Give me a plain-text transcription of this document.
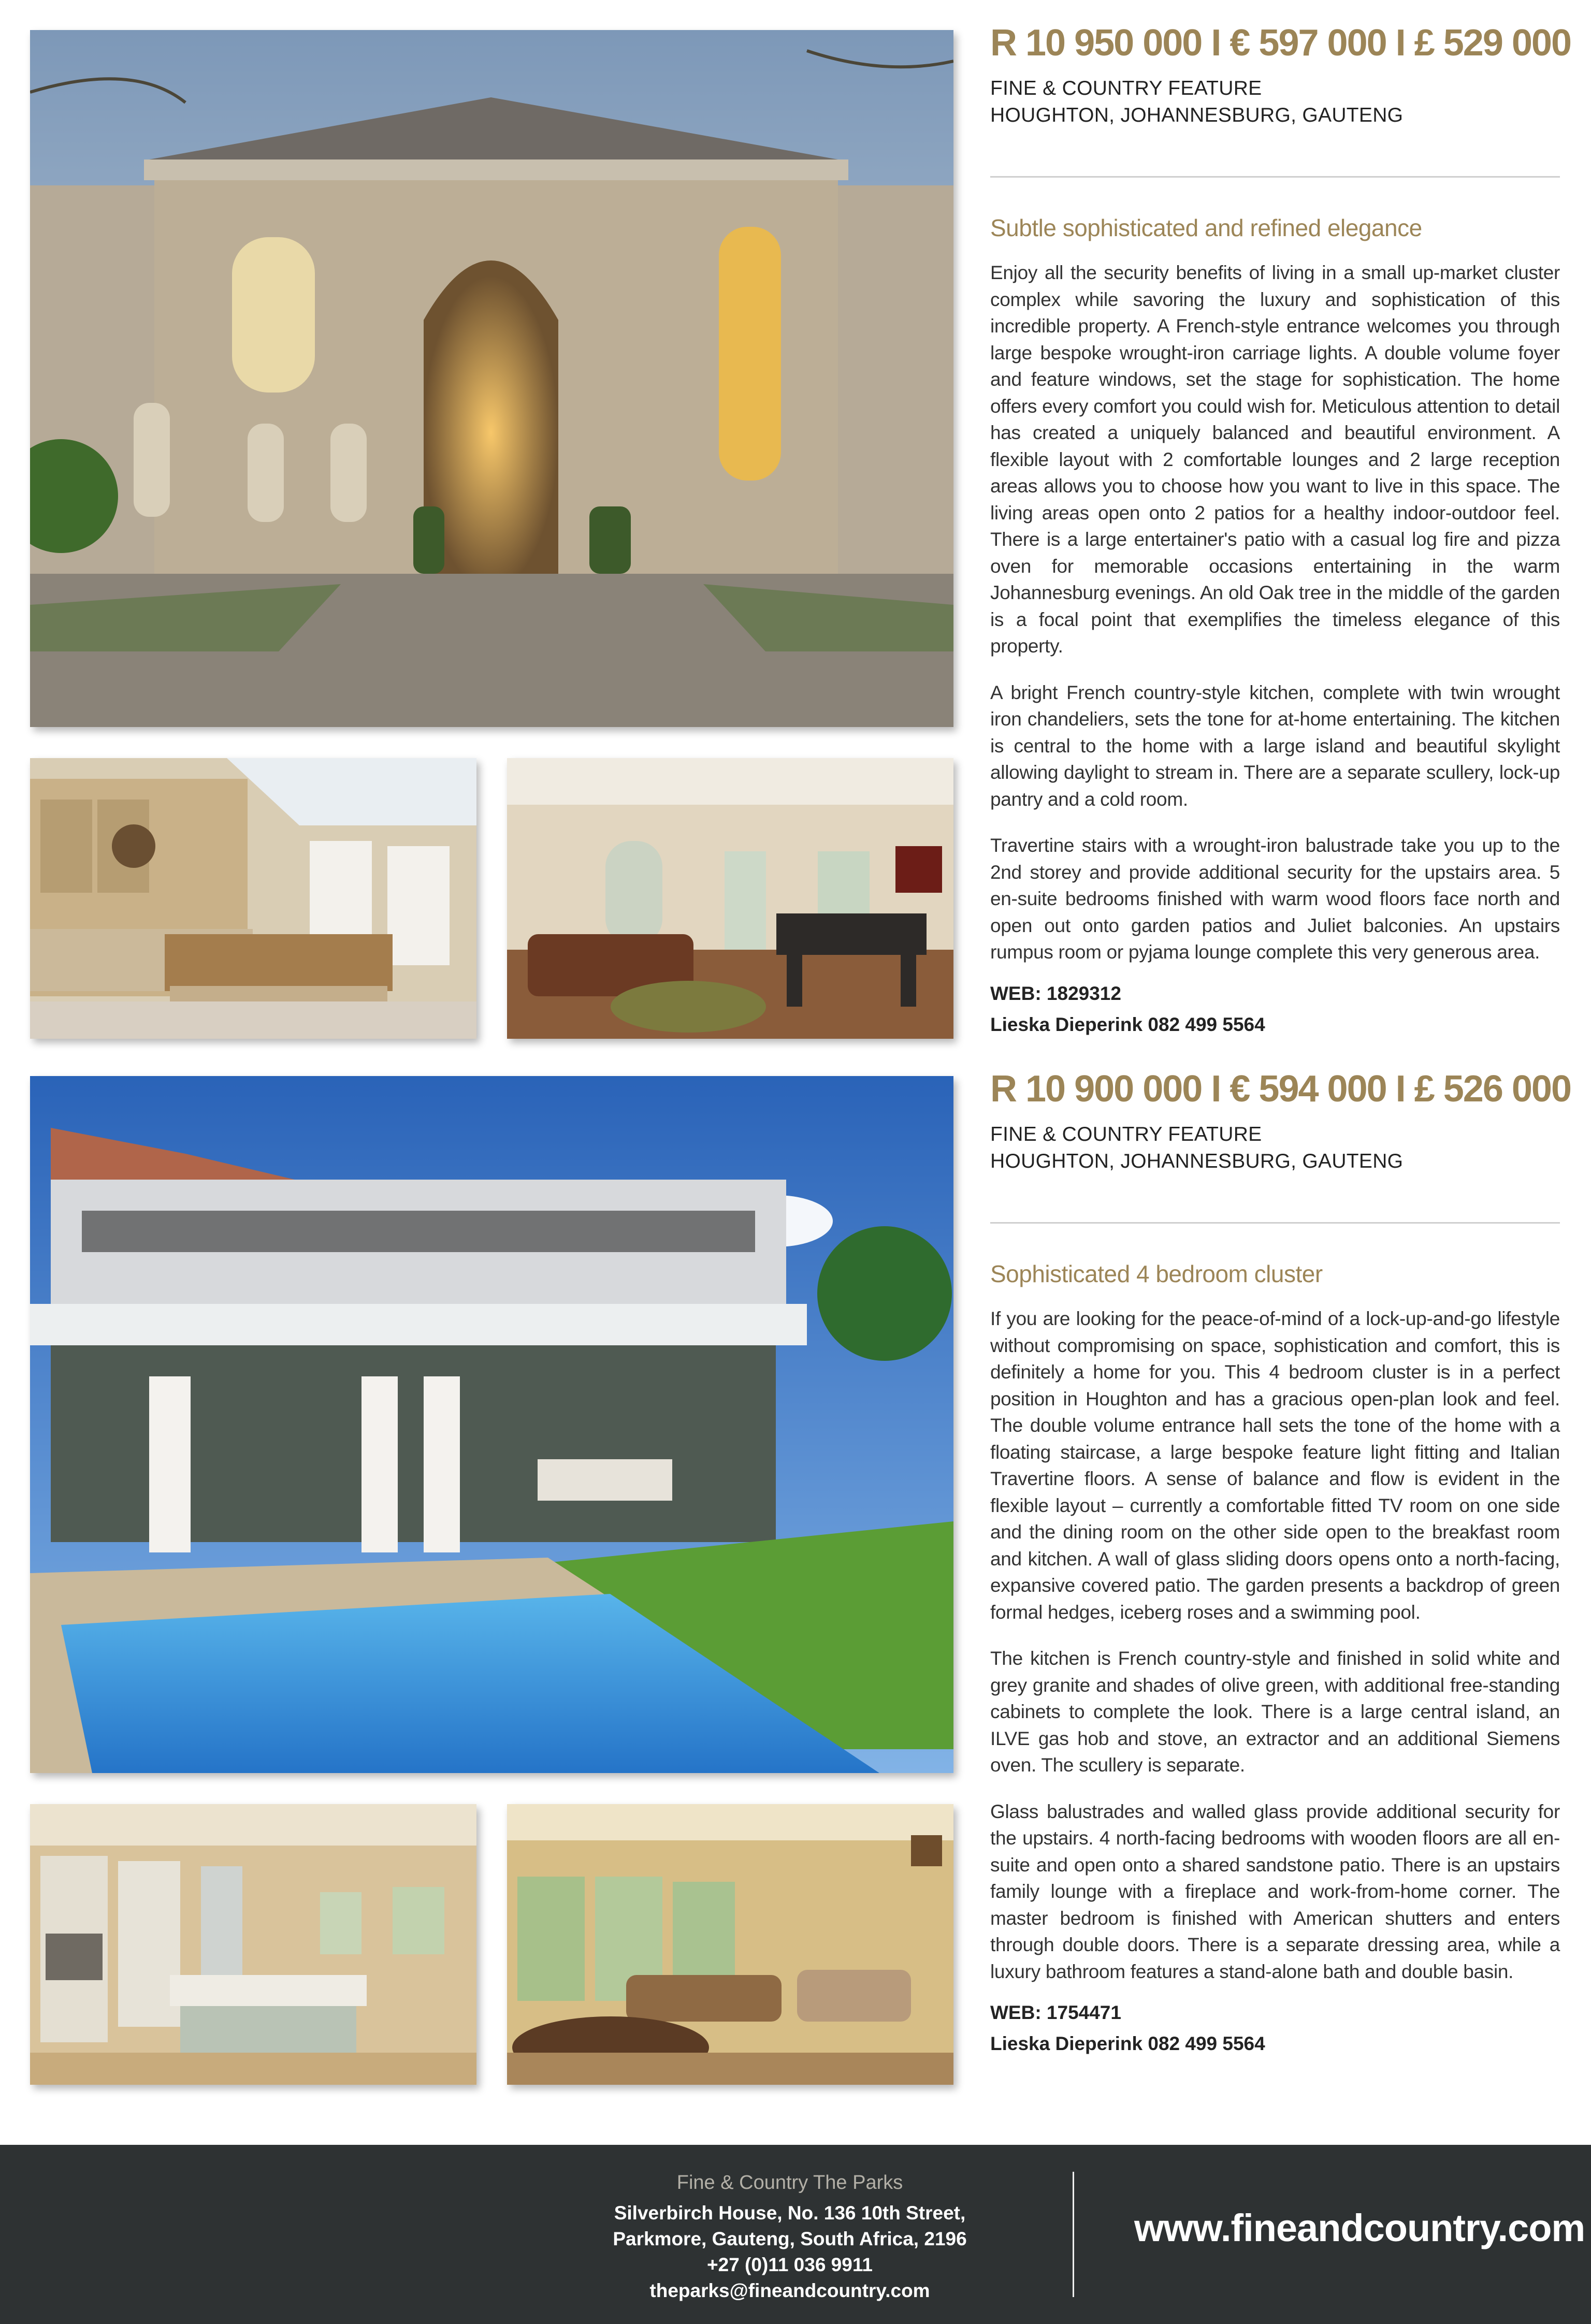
R 10 950 000 I € 597 000 I £ 529 000
FINE & COUNTRY FEATURE
HOUGHTON, JOHANNESBURG, GAUTENG
Subtle sophisticated and refined elegance
Enjoy all the security benefits of living in a small up-market cluster complex while savoring the luxury and sophistication of this incredible property. A French-style entrance welcomes you through large bespoke wrought-iron carriage lights. A double volume foyer and feature windows, set the stage for sophistication. The home offers every comfort you could wish for. Meticulous attention to detail has created a uniquely balanced and beautiful environment. A flexible layout with 2 comfortable lounges and 2 large reception areas allows you to choose how you want to live in this space. The living areas open onto 2 patios for a healthy indoor-outdoor feel. There is a large entertainer's patio with a casual log fire and pizza oven for memorable occasions entertaining in the warm Johannesburg evenings. An old Oak tree in the middle of the garden is a focal point that exemplifies the timeless elegance of this property.
A bright French country-style kitchen, complete with twin wrought iron chandeliers, sets the tone for at-home entertaining. The kitchen is central to the home with a large island and beautiful skylight allowing daylight to stream in. There are a separate scullery, lock-up pantry and a cold room.
Travertine stairs with a wrought-iron balustrade take you up to the 2nd storey and provide additional security for the upstairs area. 5 en-suite bedrooms finished with warm wood floors face north and open out onto garden patios and Juliet balconies. An upstairs rumpus room or pyjama lounge complete this very generous area.
WEB: 1829312
Lieska Dieperink 082 499 5564
R 10 900 000 I € 594 000 I £ 526 000
FINE & COUNTRY FEATURE
HOUGHTON, JOHANNESBURG, GAUTENG
Sophisticated 4 bedroom cluster
If you are looking for the peace-of-mind of a lock-up-and-go lifestyle without compromising on space, sophistication and comfort, this is definitely a home for you. This 4 bedroom cluster is in a perfect position in Houghton and has a gracious open-plan look and feel. The double volume entrance hall sets the tone of the home with a floating staircase, a large bespoke feature light fitting and Italian Travertine floors. A sense of balance and flow is evident in the flexible layout – currently a comfortable fitted TV room on one side and the dining room on the other side open to the breakfast room and kitchen. A wall of glass sliding doors opens onto a north-facing, expansive covered patio. The garden presents a backdrop of green formal hedges, iceberg roses and a swimming pool.
The kitchen is French country-style and finished in solid white and grey granite and shades of olive green, with additional free-standing cabinets to complete the look. There is a large central island, an ILVE gas hob and stove, an extractor and an additional Siemens oven. The scullery is separate.
Glass balustrades and walled glass provide additional security for the upstairs. 4 north-facing bedrooms with wooden floors are all en-suite and open onto a shared sandstone patio. There is an upstairs family lounge with a fireplace and work-from-home corner. The master bedroom is finished with American shutters and enters through double doors. There is a separate dressing area, while a luxury bathroom features a stand-alone bath and double basin.
WEB: 1754471
Lieska Dieperink 082 499 5564
Fine & Country The Parks
Silverbirch House, No. 136 10th Street,
Parkmore, Gauteng, South Africa, 2196
+27 (0)11 036 9911
theparks@fineandcountry.com
www.fineandcountry.com
